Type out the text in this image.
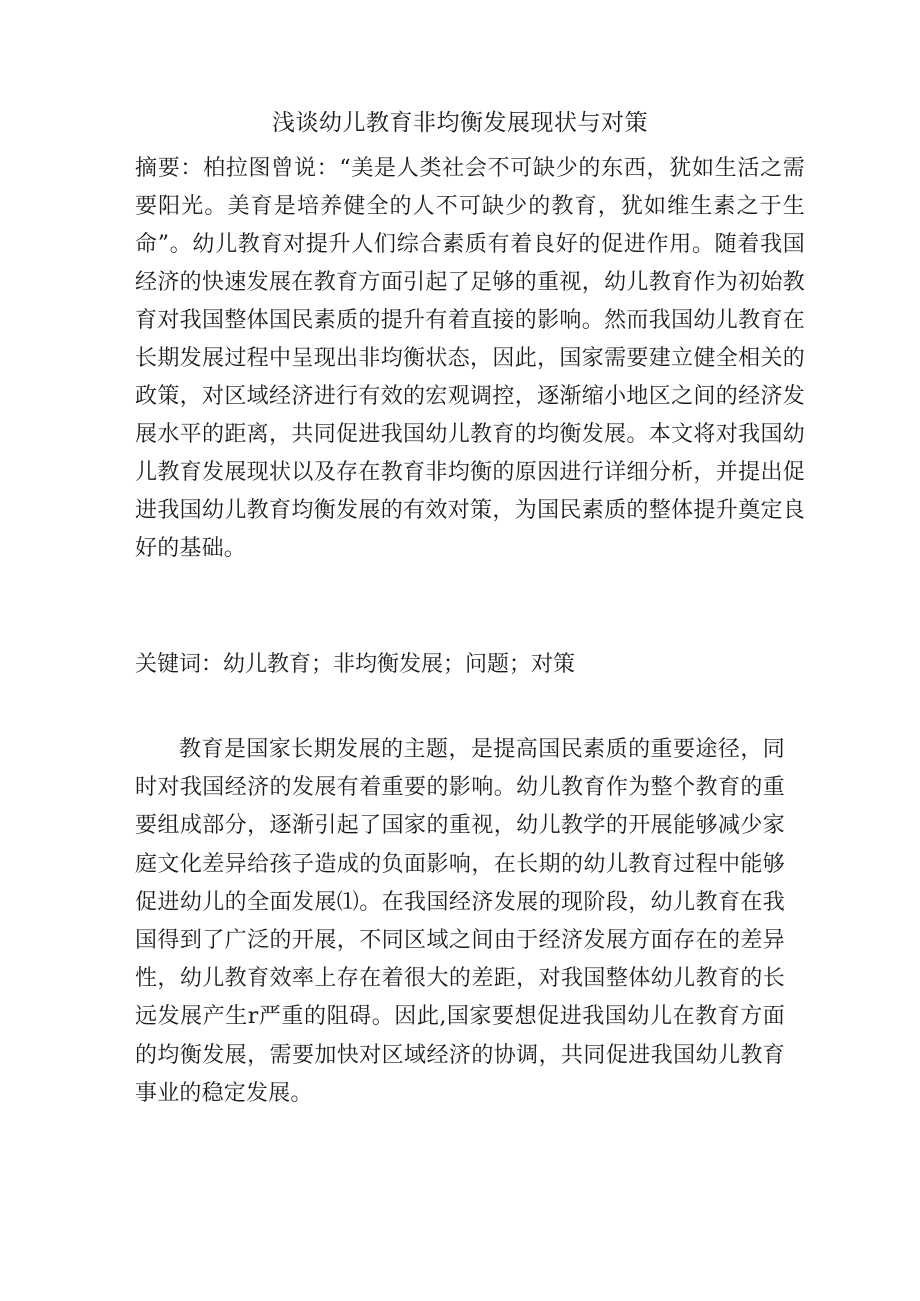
浅谈幼儿教育非均衡发展现状与对策

摘要：柏拉图曾说：“美是人类社会不可缺少的东西，犹如生活之需要阳光。美育是培养健全的人不可缺少的教育，犹如维生素之于生命”。幼儿教育对提升人们综合素质有着良好的促进作用。随着我国经济的快速发展在教育方面引起了足够的重视，幼儿教育作为初始教育对我国整体国民素质的提升有着直接的影响。然而我国幼儿教育在长期发展过程中呈现出非均衡状态，因此，国家需要建立健全相关的政策，对区域经济进行有效的宏观调控，逐渐缩小地区之间的经济发展水平的距离，共同促进我国幼儿教育的均衡发展。本文将对我国幼儿教育发展现状以及存在教育非均衡的原因进行详细分析，并提出促进我国幼儿教育均衡发展的有效对策，为国民素质的整体提升奠定良好的基础。

关键词：幼儿教育；非均衡发展；问题；对策

教育是国家长期发展的主题，是提高国民素质的重要途径，同时对我国经济的发展有着重要的影响。幼儿教育作为整个教育的重要组成部分，逐渐引起了国家的重视，幼儿教学的开展能够减少家庭文化差异给孩子造成的负面影响，在长期的幼儿教育过程中能够促进幼儿的全面发展⑴。在我国经济发展的现阶段，幼儿教育在我国得到了广泛的开展，不同区域之间由于经济发展方面存在的差异性，幼儿教育效率上存在着很大的差距，对我国整体幼儿教育的长远发展产生r严重的阻碍。因此,国家要想促进我国幼儿在教育方面的均衡发展，需要加快对区域经济的协调，共同促进我国幼儿教育事业的稳定发展。
